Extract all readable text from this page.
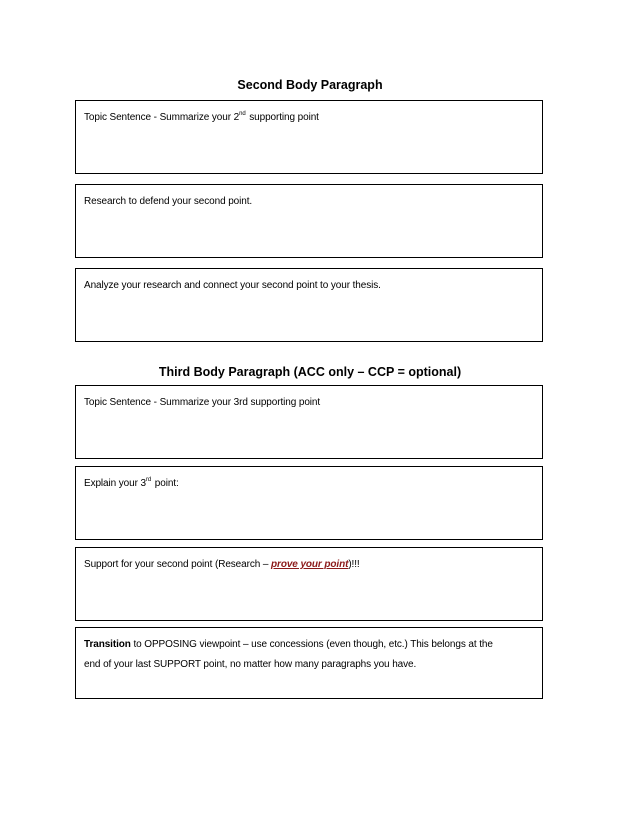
Second Body Paragraph
Topic Sentence - Summarize your 2nd supporting point
Research to defend your second point.
Analyze your research and connect your second point to your thesis.
Third Body Paragraph (ACC only – CCP = optional)
Topic Sentence - Summarize your 3rd supporting point
Explain your 3rd point:
Support for your second point (Research – prove your point)!!!
Transition to OPPOSING viewpoint – use concessions (even though, etc.) This belongs at the
end of your last SUPPORT point, no matter how many paragraphs you have.
